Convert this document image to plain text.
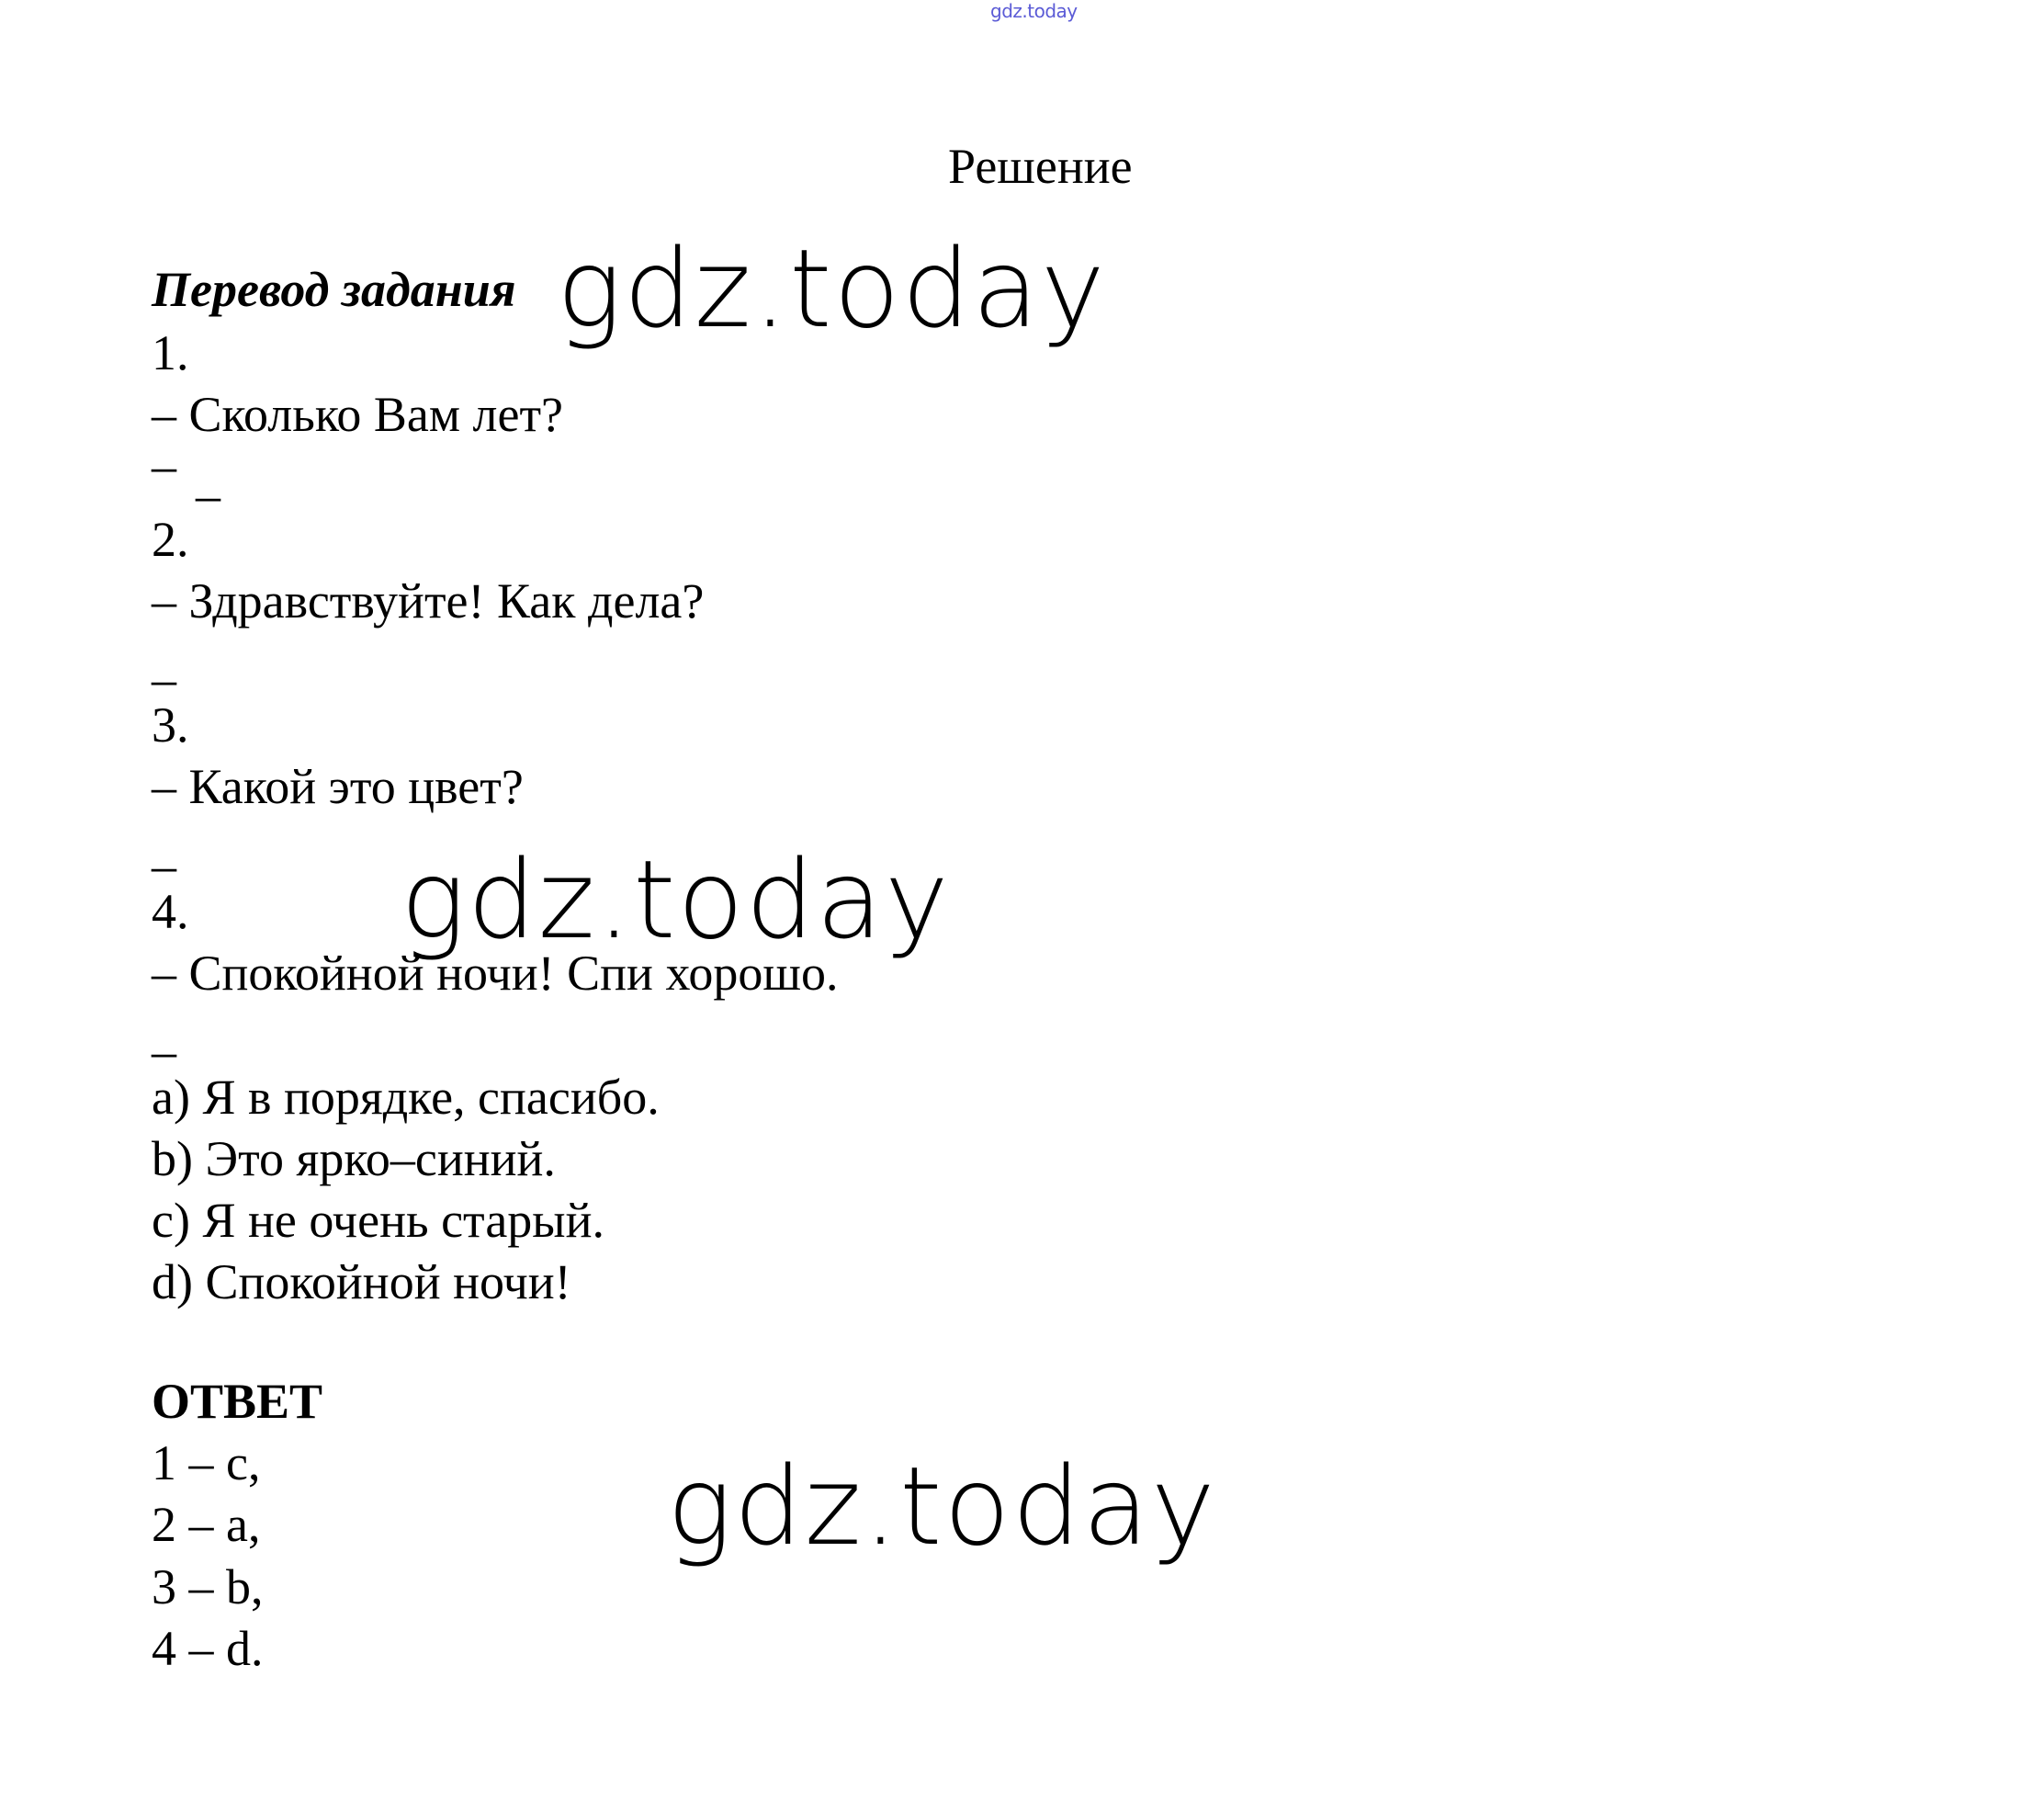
gdz.today
Решение
Перевод задания gdz.today
1.
– Сколько Вам лет?
–
–
2.
– Здравствуйте! Как дела?
–
3.
– Какой это цвет?
–
4. gdz.today
– Спокойной ночи! Спи хорошо.
–
a) Я в порядке, спасибо.
b) Это ярко–синий.
c) Я не очень старый.
d) Спокойной ночи!
ОТВЕТ
1 – c,	gdz.today
2 – a,
3 – b,
4 – d.
